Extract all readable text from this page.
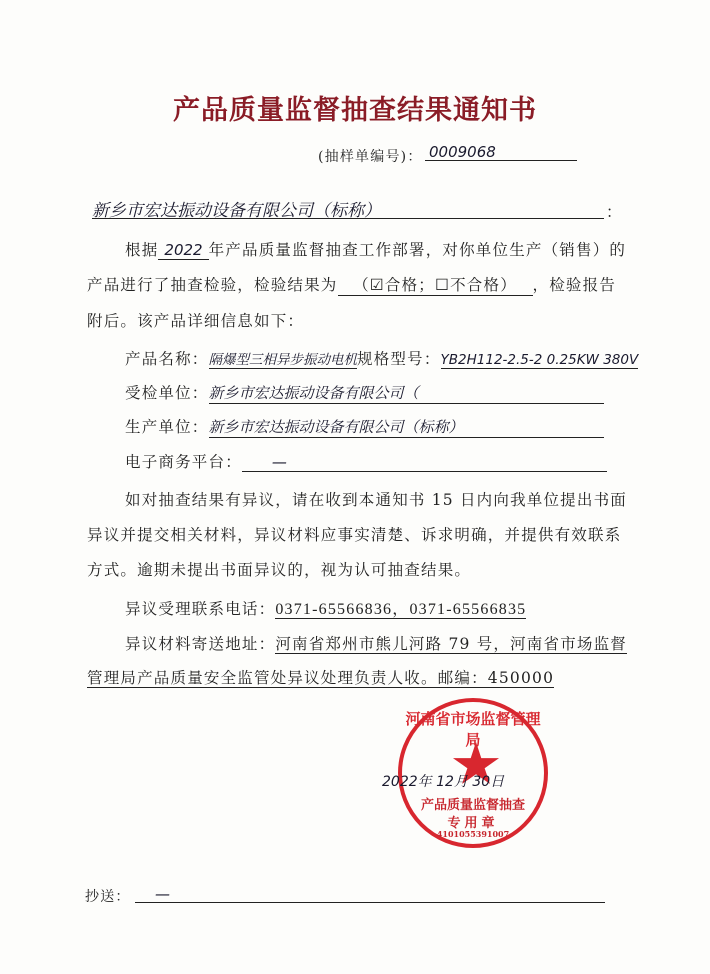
产品质量监督抽查结果通知书
(抽样单编号)： 0009068
新乡市宏达振动设备有限公司（标称）	：
根据 2022 年产品质量监督抽查工作部署，对你单位生产（销售）的
产品进行了抽查检验，检验结果为 （☑合格；☐不合格） ，检验报告
附后。该产品详细信息如下：
产品名称：隔爆型三相异步振动电机规格型号：YB2H112-2.5-2 0.25KW 380V
受检单位：新乡市宏达振动设备有限公司（
生产单位：新乡市宏达振动设备有限公司（标称）
电子商务平台： —
如对抽查结果有异议，请在收到本通知书 15 日内向我单位提出书面
异议并提交相关材料，异议材料应事实清楚、诉求明确，并提供有效联系
方式。逾期未提出书面异议的，视为认可抽查结果。
异议受理联系电话：0371-65566836，0371-65566835
异议材料寄送地址：河南省郑州市熊儿河路 79 号，河南省市场监督
管理局产品质量安全监管处异议处理负责人收。邮编：450000
河南省市场监督管理局
产品质量监督抽查
专用章
4101055391007
2022年 12月 30日
抄送：	—
